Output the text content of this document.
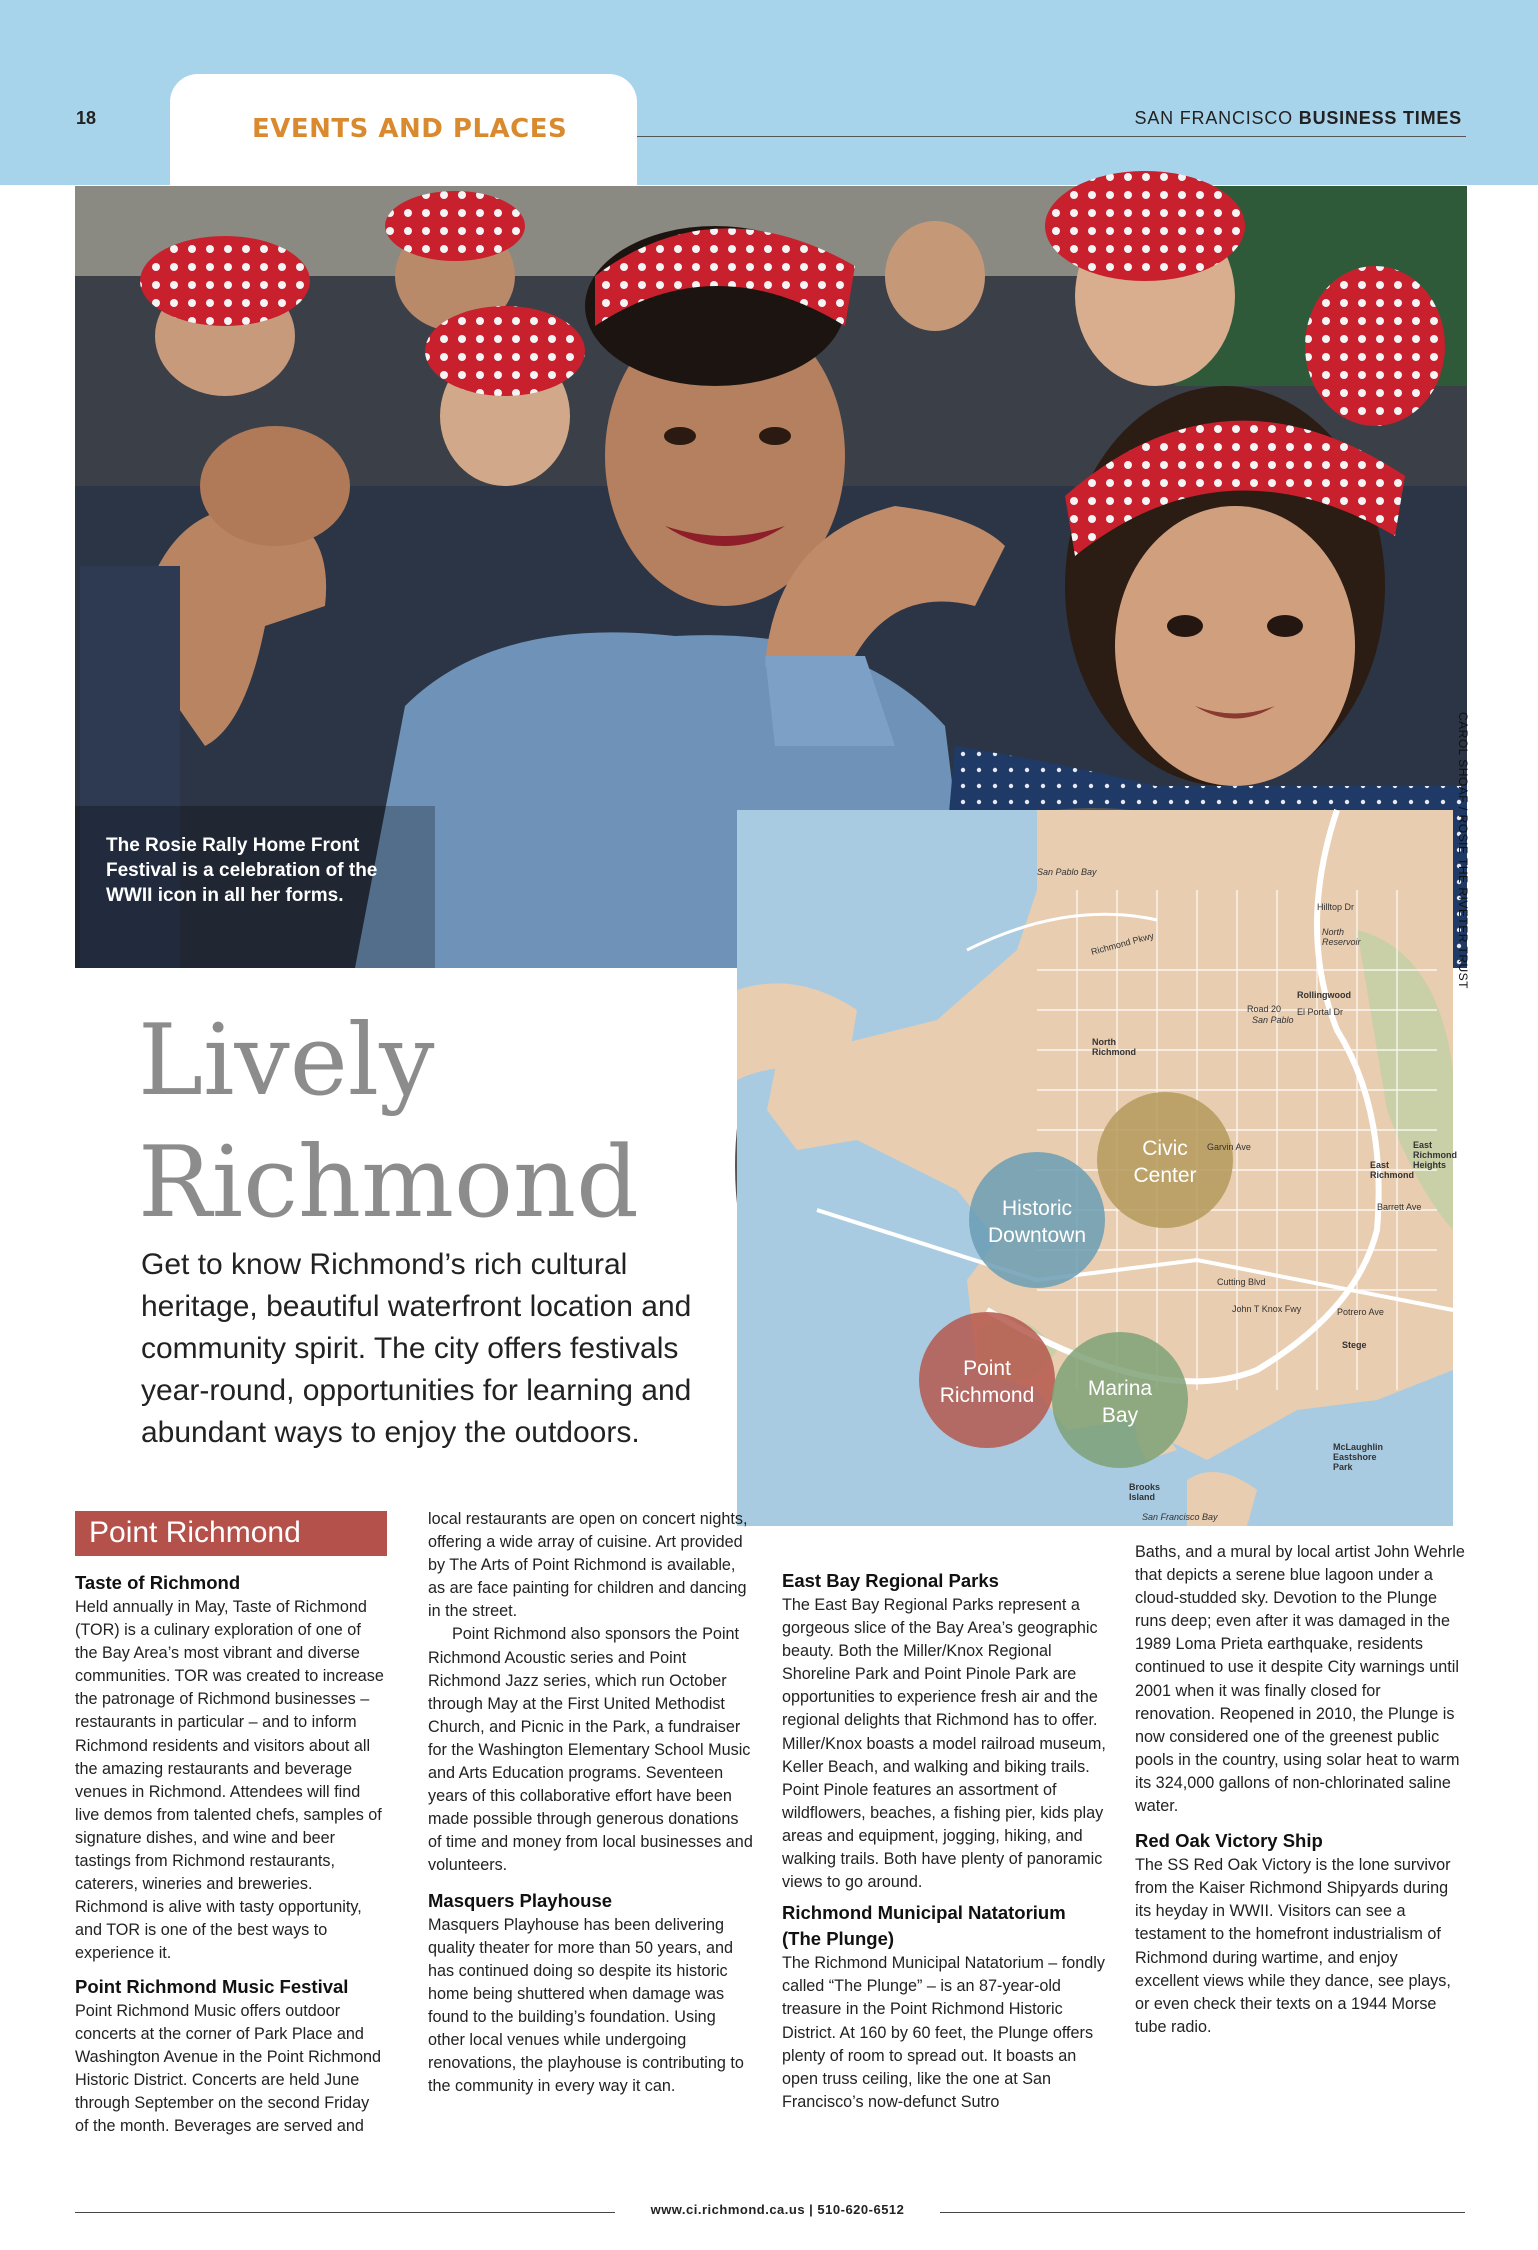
EVENTS AND PLACES
18	SAN FRANCISCO BUSINESS TIMES
The Rosie Rally Home Front Festival is a celebration of the WWII icon in all her forms.	CAROL SHOAF / ROSIE THE RIVETER TRUST
Historic Downtown
Civic Center
Point Richmond	Marina Bay
San Pablo Bay
Richmond Pkwy
North
Richmond
Rollingwood
El Portal Dr
Road 20
San Pablo
Hilltop Dr
North
Reservoir
Garvin Ave
East
Richmond
East
Richmond
Heights
Barrett Ave
Cutting Blvd
Potrero Ave
John T Knox Fwy
Stege
McLaughlin
Eastshore
Park
Brooks
Island
San Francisco Bay
Lively
Richmond
Get to know Richmond’s rich cultural heritage, beautiful waterfront location and community spirit. The city offers festivals year-round, opportunities for learning and abundant ways to enjoy the outdoors.
Point Richmond
Taste of Richmond

Held annually in May, Taste of Richmond (TOR) is a culinary exploration of one of the Bay Area’s most vibrant and diverse communities. TOR was created to increase the patronage of Richmond businesses – restaurants in particular – and to inform Richmond residents and visitors about all the amazing restaurants and beverage venues in Richmond. Attendees will find live demos from talented chefs, samples of signature dishes, and wine and beer tastings from Richmond restaurants, caterers, wineries and breweries. Richmond is alive with tasty opportunity, and TOR is one of the best ways to experience it.

Point Richmond Music Festival

Point Richmond Music offers outdoor concerts at the corner of Park Place and Washington Avenue in the Point Richmond Historic District. Concerts are held June through September on the second Friday of the month. Beverages are served and

local restaurants are open on concert nights, offering a wide array of cuisine. Art provided by The Arts of Point Richmond is available, as are face painting for children and dancing in the street.

Point Richmond also sponsors the Point Richmond Acoustic series and Point Richmond Jazz series, which run October through May at the First United Methodist Church, and Picnic in the Park, a fundraiser for the Washington Elementary School Music and Arts Education programs. Seventeen years of this collaborative effort have been made possible through generous donations of time and money from local businesses and volunteers.

Masquers Playhouse

Masquers Playhouse has been delivering quality theater for more than 50 years, and has continued doing so despite its historic home being shuttered when damage was found to the building’s foundation. Using other local venues while undergoing renovations, the playhouse is contributing to the community in every way it can.

East Bay Regional Parks

The East Bay Regional Parks represent a gorgeous slice of the Bay Area’s geographic beauty. Both the Miller/Knox Regional Shoreline Park and Point Pinole Park are opportunities to experience fresh air and the regional delights that Richmond has to offer. Miller/Knox boasts a model railroad museum, Keller Beach, and walking and biking trails. Point Pinole features an assortment of wildflowers, beaches, a fishing pier, kids play areas and equipment, jogging, hiking, and walking trails. Both have plenty of panoramic views to go around.

Richmond Municipal Natatorium (The Plunge)

The Richmond Municipal Natatorium – fondly called “The Plunge” – is an 87-year-old treasure in the Point Richmond Historic District. At 160 by 60 feet, the Plunge offers plenty of room to spread out. It boasts an open truss ceiling, like the one at San Francisco’s now-defunct Sutro

Baths, and a mural by local artist John Wehrle that depicts a serene blue lagoon under a cloud-studded sky. Devotion to the Plunge runs deep; even after it was damaged in the 1989 Loma Prieta earthquake, residents continued to use it despite City warnings until 2001 when it was finally closed for renovation. Reopened in 2010, the Plunge is now considered one of the greenest public pools in the country, using solar heat to warm its 324,000 gallons of non-chlorinated saline water.

Red Oak Victory Ship

The SS Red Oak Victory is the lone survivor from the Kaiser Richmond Shipyards during its heyday in WWII. Visitors can see a testament to the homefront industrialism of Richmond during wartime, and enjoy excellent views while they dance, see plays, or even check their texts on a 1944 Morse tube radio.

www.ci.richmond.ca.us | 510-620-6512
